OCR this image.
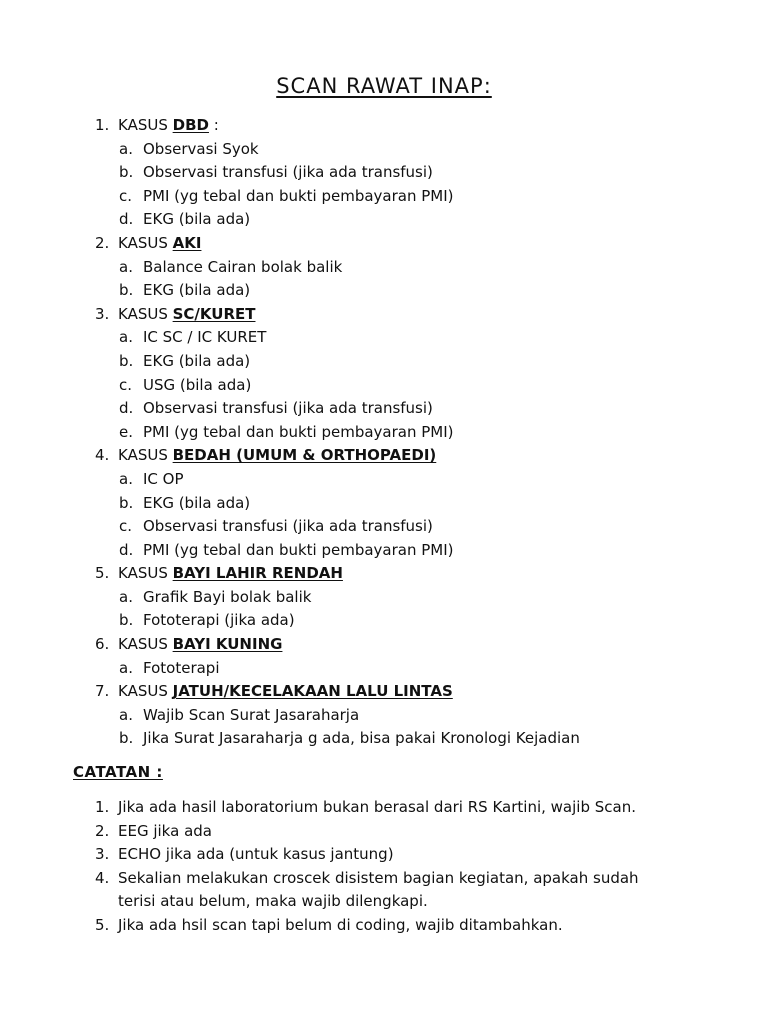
SCAN RAWAT INAP:
1. KASUS DBD :
a. Observasi Syok
b. Observasi transfusi (jika ada transfusi)
c. PMI (yg tebal dan bukti pembayaran PMI)
d. EKG (bila ada)
2. KASUS AKI
a. Balance Cairan bolak balik
b. EKG (bila ada)
3. KASUS SC/KURET
a. IC SC / IC KURET
b. EKG (bila ada)
c. USG (bila ada)
d. Observasi transfusi (jika ada transfusi)
e. PMI (yg tebal dan bukti pembayaran PMI)
4. KASUS BEDAH (UMUM & ORTHOPAEDI)
a. IC OP
b. EKG (bila ada)
c. Observasi transfusi (jika ada transfusi)
d. PMI (yg tebal dan bukti pembayaran PMI)
5. KASUS BAYI LAHIR RENDAH
a. Grafik Bayi bolak balik
b. Fototerapi (jika ada)
6. KASUS BAYI KUNING
a. Fototerapi
7. KASUS JATUH/KECELAKAAN LALU LINTAS
a. Wajib Scan Surat Jasaraharja
b. Jika Surat Jasaraharja g ada, bisa pakai Kronologi Kejadian
CATATAN :
1. Jika ada hasil laboratorium bukan berasal dari RS Kartini, wajib Scan.
2. EEG jika ada
3. ECHO jika ada (untuk kasus jantung)
4. Sekalian melakukan croscek disistem bagian kegiatan, apakah sudah terisi atau belum, maka wajib dilengkapi.
5. Jika ada hsil scan tapi belum di coding, wajib ditambahkan.
